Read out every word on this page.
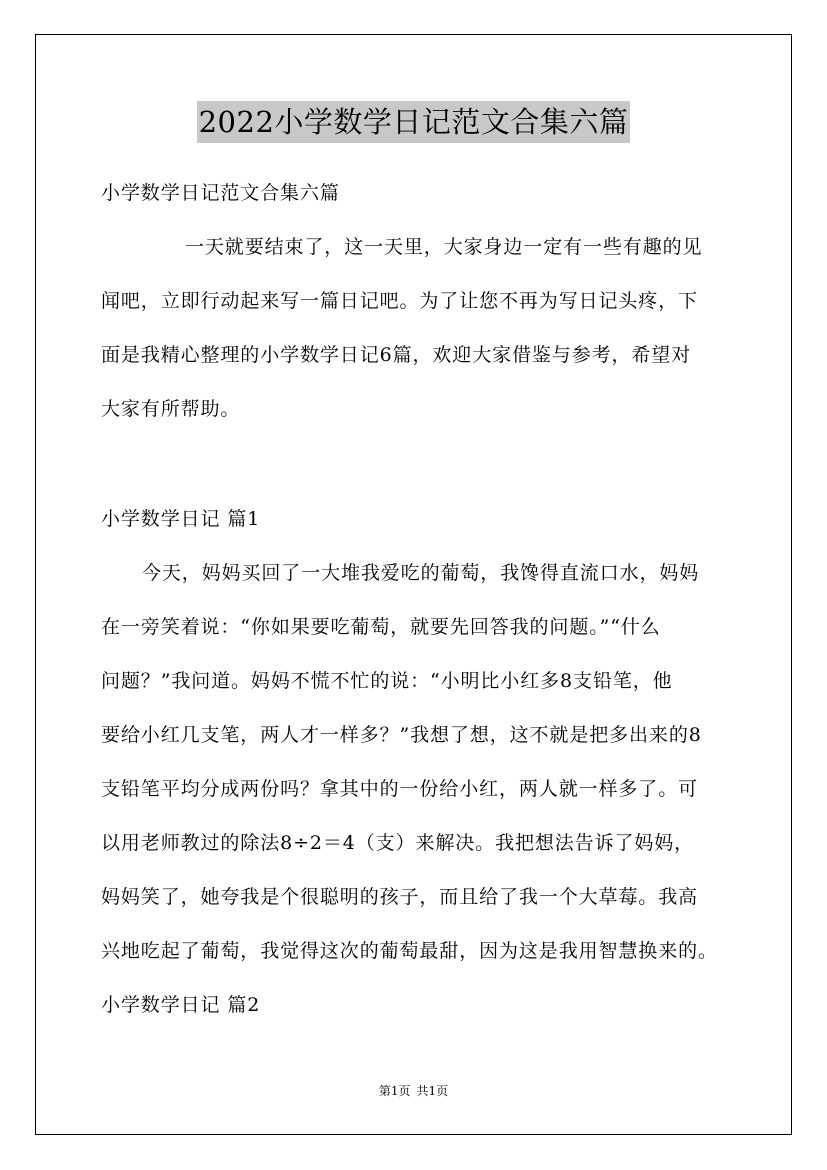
2022小学数学日记范文合集六篇
小学数学日记范文合集六篇
一天就要结束了，这一天里，大家身边一定有一些有趣的见
闻吧，立即行动起来写一篇日记吧。为了让您不再为写日记头疼，下
面是我精心整理的小学数学日记6篇，欢迎大家借鉴与参考，希望对
大家有所帮助。
小学数学日记 篇1
今天，妈妈买回了一大堆我爱吃的葡萄，我馋得直流口水，妈妈
在一旁笑着说：“你如果要吃葡萄，就要先回答我的问题。”“什么
问题？”我问道。妈妈不慌不忙的说：“小明比小红多8支铅笔，他
要给小红几支笔，两人才一样多？”我想了想，这不就是把多出来的8
支铅笔平均分成两份吗？拿其中的一份给小红，两人就一样多了。可
以用老师教过的除法8÷2＝4（支）来解决。我把想法告诉了妈妈，
妈妈笑了，她夸我是个很聪明的孩子，而且给了我一个大草莓。我高
兴地吃起了葡萄，我觉得这次的葡萄最甜，因为这是我用智慧换来的。
小学数学日记 篇2
第1页 共1页
